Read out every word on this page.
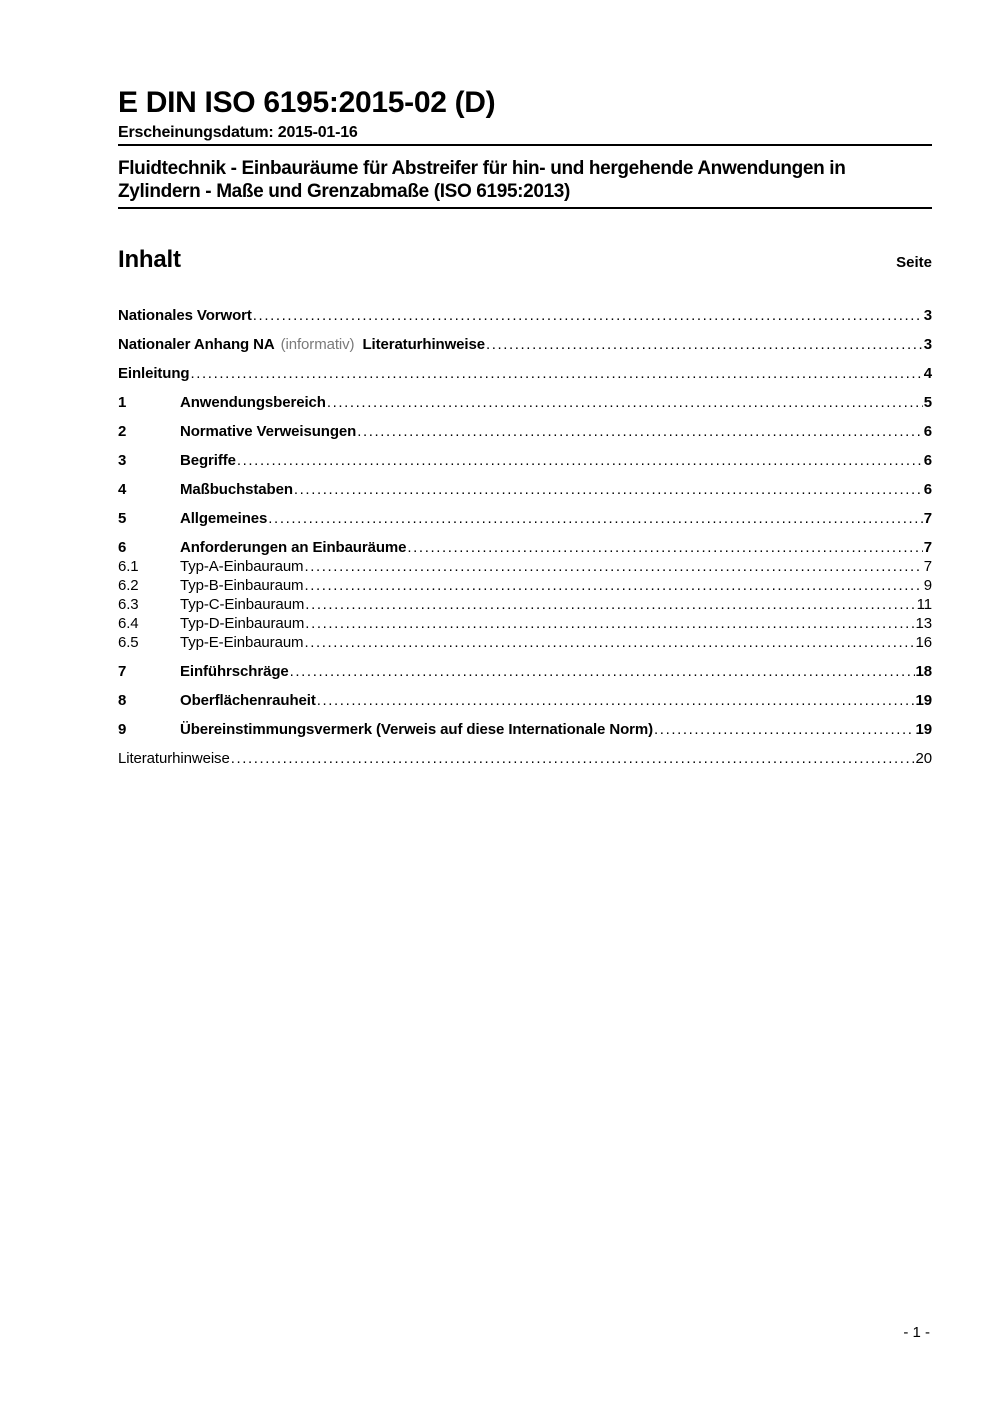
E DIN ISO 6195:2015-02 (D)
Erscheinungsdatum: 2015-01-16
Fluidtechnik - Einbauräume für Abstreifer für hin- und hergehende Anwendungen in
Zylindern - Maße und Grenzabmaße (ISO 6195:2013)
Inhalt	Seite
Nationales Vorwort .....	3
Nationaler Anhang NA (informativ) Literaturhinweise .....	3
Einleitung .....	4
1	Anwendungsbereich .....	5
2	Normative Verweisungen .....	6
3	Begriffe .....	6
4	Maßbuchstaben .....	6
5	Allgemeines .....	7
6	Anforderungen an Einbauräume .....	7
6.1	Typ-A-Einbauraum .....	7
6.2	Typ-B-Einbauraum .....	9
6.3	Typ-C-Einbauraum .....	11
6.4	Typ-D-Einbauraum .....	13
6.5	Typ-E-Einbauraum .....	16
7	Einführschräge .....	18
8	Oberflächenrauheit .....	19
9	Übereinstimmungsvermerk (Verweis auf diese Internationale Norm) .....	19
Literaturhinweise .....	20
- 1 -
